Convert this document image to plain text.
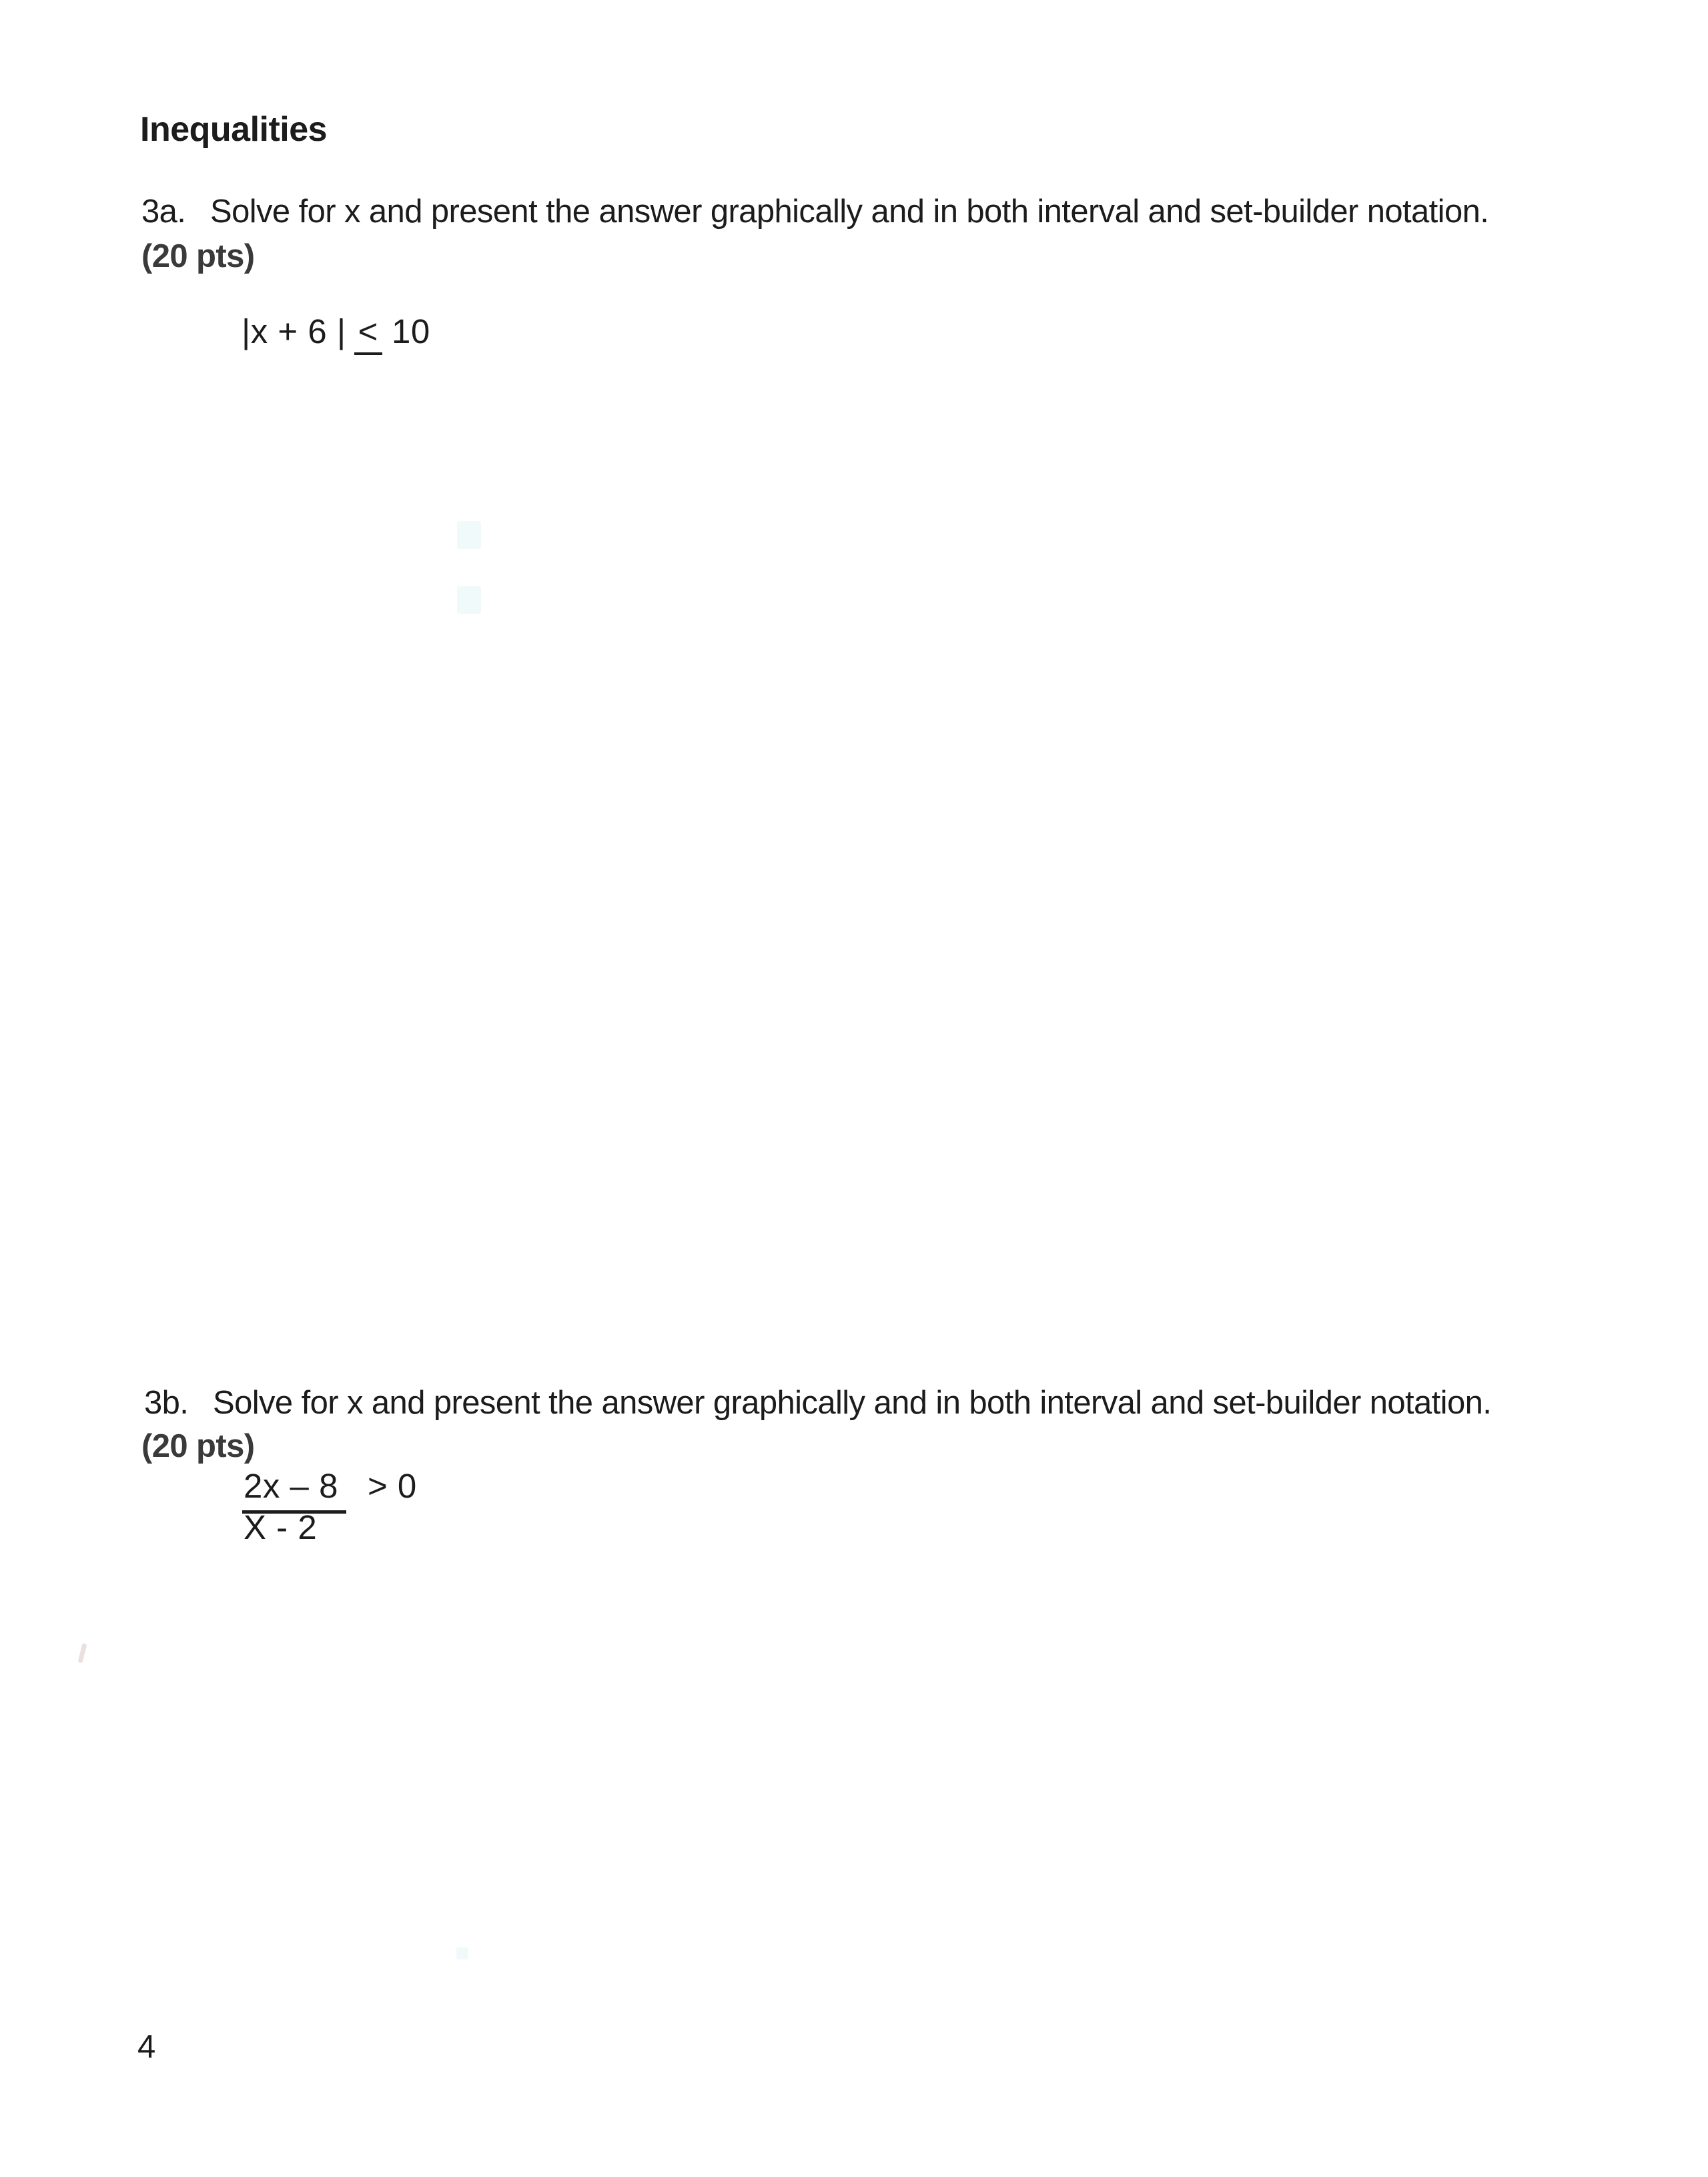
Inequalities
3a. Solve for x and present the answer graphically and in both interval and set-builder notation.
(20 pts)
|x + 6 | < 10
3b. Solve for x and present the answer graphically and in both interval and set-builder notation.
(20 pts)
2x – 8 > 0
X - 2
4
